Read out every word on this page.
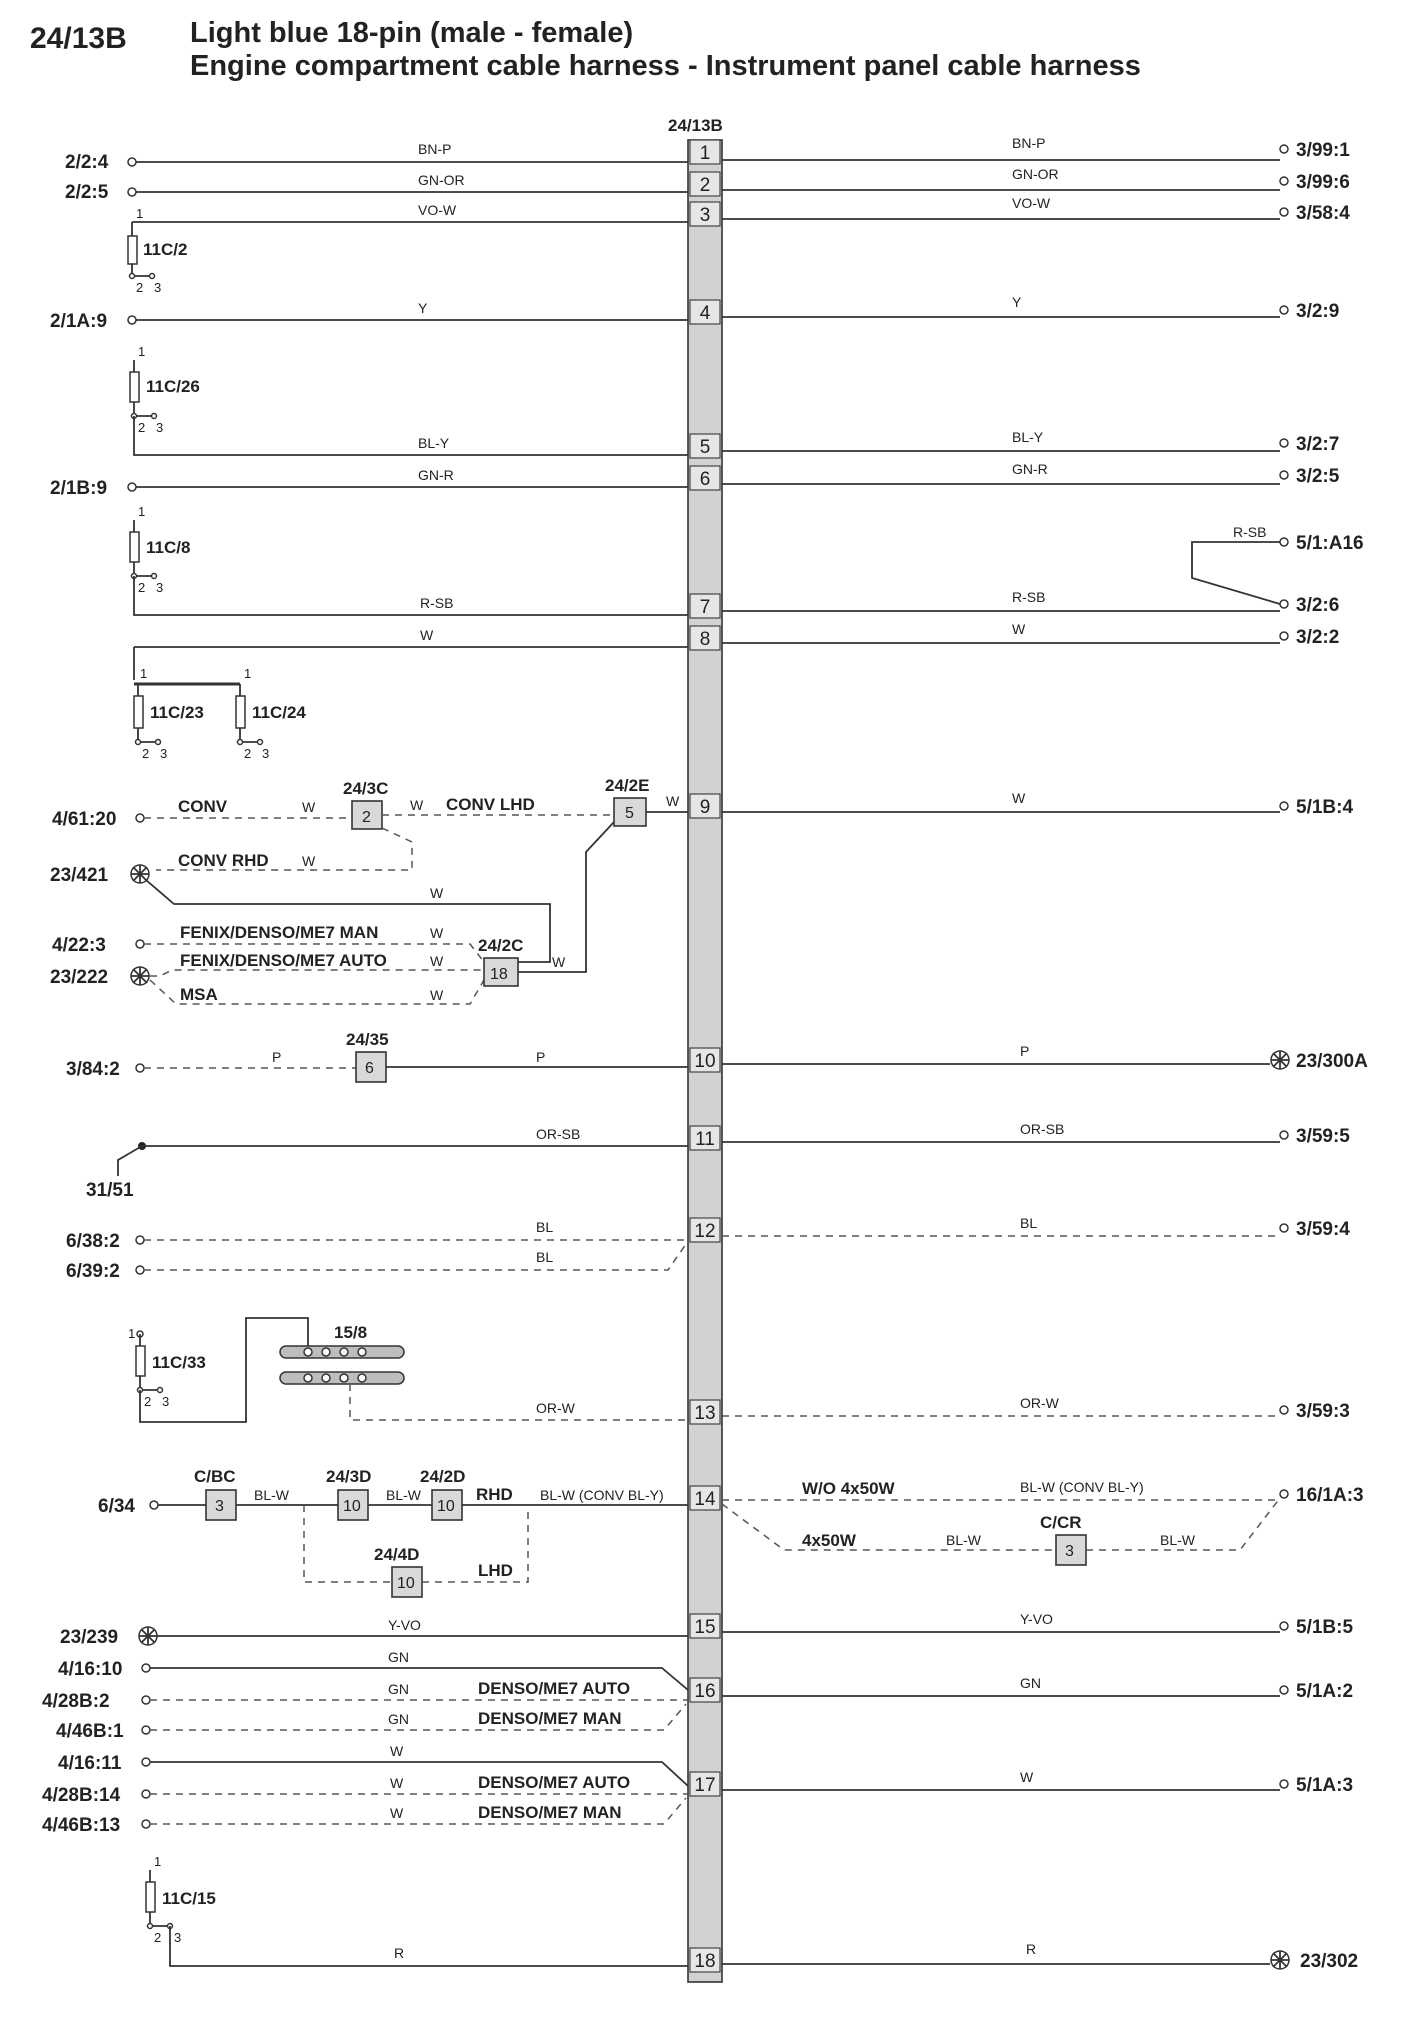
24/13B Light blue 18-pin (male - female)
Engine compartment cable harness - Instrument panel cable harness
24/13B
1
2
3
4
5
6
7
8
9
10
11
12
13
14
15
16
17
18
2/2:4
BN-P	BN-P	3/99:1
2/2:5
GN-OR	GN-OR	3/99:6
VO-W	VO-W	3/58:4
1
2 3
11C/2
2/1A:9
Y	Y	3/2:9
1
2 3
11C/26
BL-Y	BL-Y	3/2:7
2/1B:9
GN-R	GN-R	3/2:5
1
2 3
11C/8
R-SB	R-SB	3/2:6
R-SB
5/1:A16
W	W	3/2:2
1	1
2 3	2 3
11C/23	11C/24
4/61:20
CONV	W
2
24/3C
W CONV LHD	5
24/2E
W	W	5/1B:4
CONV RHD W
23/421
W
4/22:3
FENIX/DENSO/ME7 MAN	W
23/222
FENIX/DENSO/ME7 AUTO	W
MSA	W
18
24/2C
W
3/84:2
P
6
24/35
P	P	23/300A
31/51
OR-SB	OR-SB	3/59:5
6/38:2
BL
6/39:2
BL
BL	3/59:4
1
2 3
11C/33
15/8
OR-W	OR-W	3/59:3
6/34	3
C/BC
BL-W
10
24/3D
BL-W
10
24/2D
RHD BL-W (CONV BL-Y)
10
24/4D
LHD
W/O 4x50W	BL-W (CONV BL-Y)	16/1A:3
4x50W	BL-W
3
C/CR
BL-W
23/239
Y-VO	Y-VO	5/1B:5
4/16:10
GN
4/28B:2
GN	DENSO/ME7 AUTO
4/46B:1
GN	DENSO/ME7 MAN
GN	5/1A:2
4/16:11
W
4/28B:14
W	DENSO/ME7 AUTO
4/46B:13
W	DENSO/ME7 MAN
W	5/1A:3
1
2 3
11C/15
R	R
23/302
